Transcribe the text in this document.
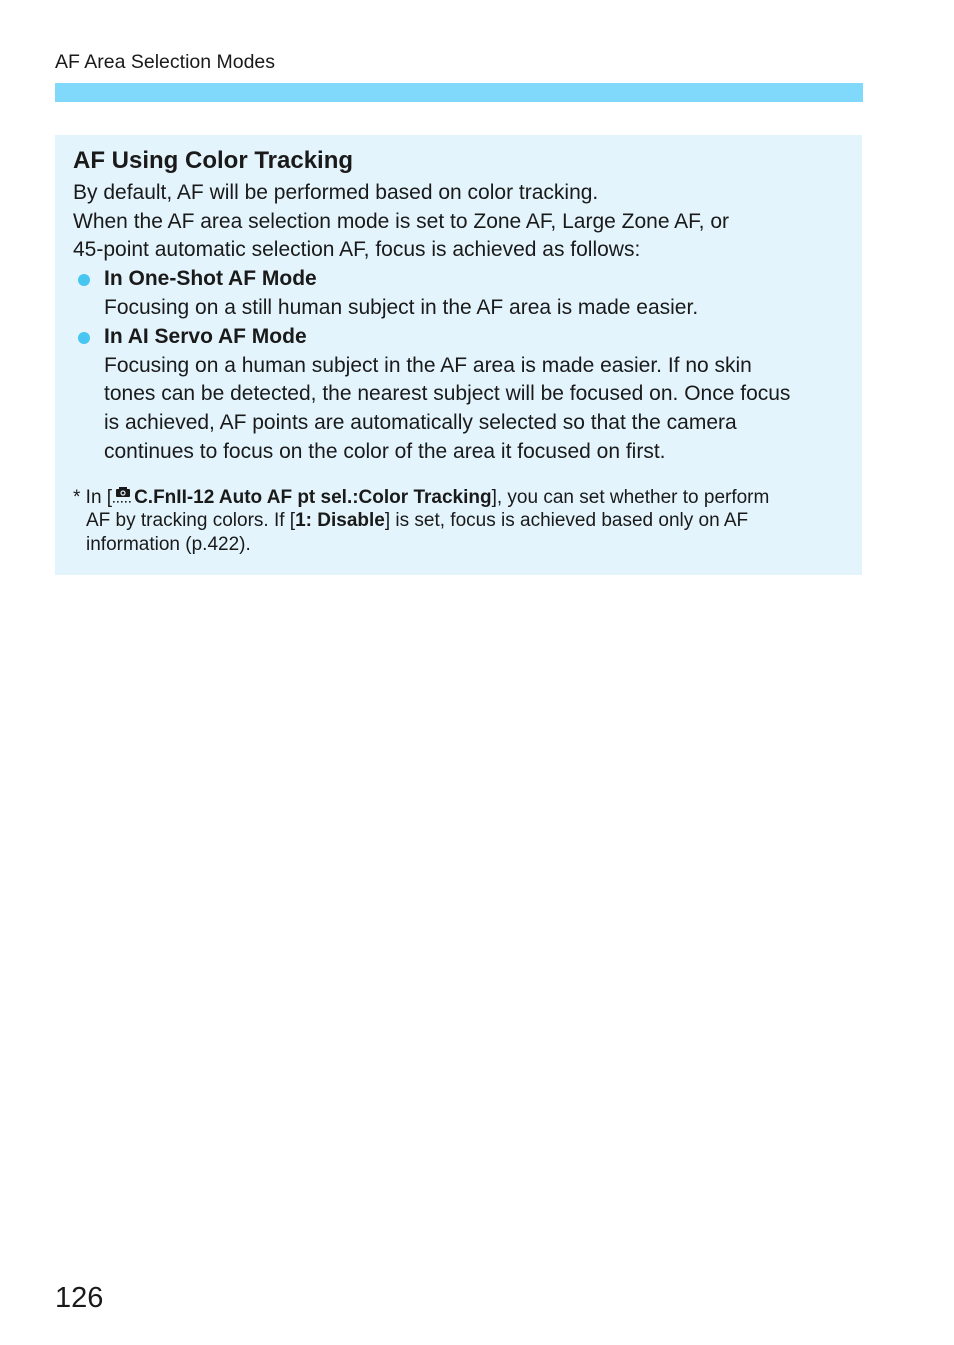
AF Area Selection Modes
AF Using Color Tracking
By default, AF will be performed based on color tracking.
When the AF area selection mode is set to Zone AF, Large Zone AF, or
45-point automatic selection AF, focus is achieved as follows:
In One-Shot AF Mode
Focusing on a still human subject in the AF area is made easier.
In AI Servo AF Mode
Focusing on a human subject in the AF area is made easier. If no skin
tones can be detected, the nearest subject will be focused on. Once focus
is achieved, AF points are automatically selected so that the camera
continues to focus on the color of the area it focused on first.
* In [ C.FnII-12 Auto AF pt sel.:Color Tracking], you can set whether to perform
AF by tracking colors. If [1: Disable] is set, focus is achieved based only on AF
information (p.422).
126
